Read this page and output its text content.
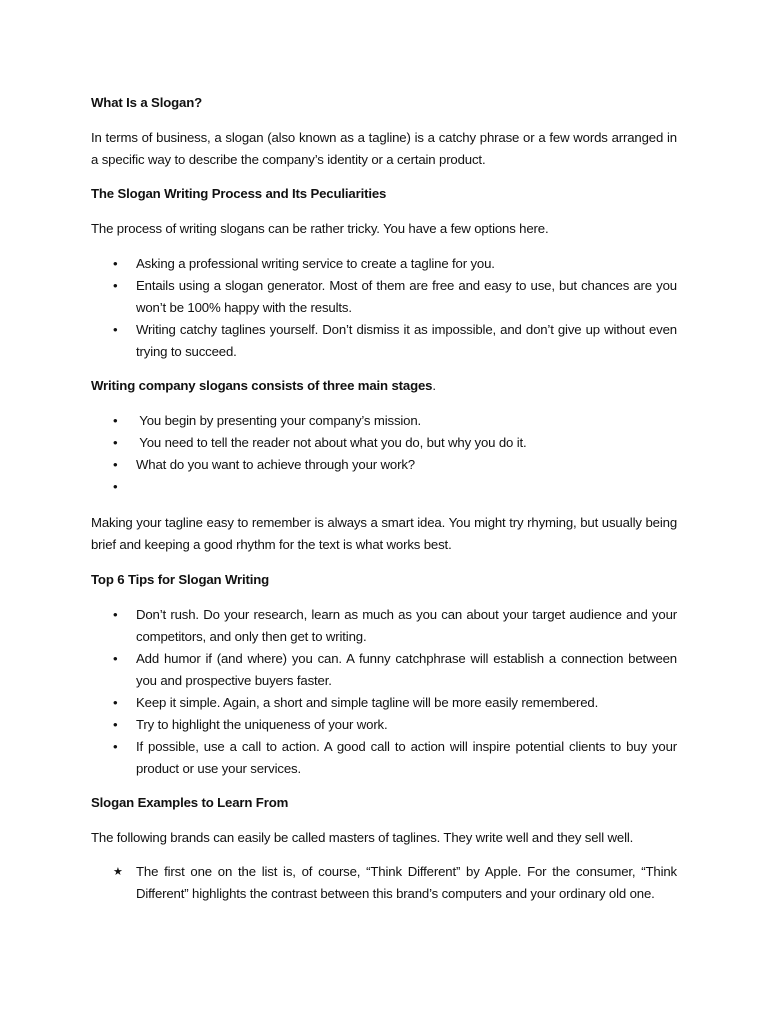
What Is a Slogan?

In terms of business, a slogan (also known as a tagline) is a catchy phrase or a few words arranged in a specific way to describe the company’s identity or a certain product.

The Slogan Writing Process and Its Peculiarities

The process of writing slogans can be rather tricky. You have a few options here.

•	Asking a professional writing service to create a tagline for you.
•	Entails using a slogan generator. Most of them are free and easy to use, but chances are you won’t be 100% happy with the results.
•	Writing catchy taglines yourself. Don’t dismiss it as impossible, and don’t give up without even trying to succeed.

Writing company slogans consists of three main stages.

•	You begin by presenting your company’s mission.
•	You need to tell the reader not about what you do, but why you do it.
•	What do you want to achieve through your work?
•

Making your tagline easy to remember is always a smart idea. You might try rhyming, but usually being brief and keeping a good rhythm for the text is what works best.

Top 6 Tips for Slogan Writing

•	Don’t rush. Do your research, learn as much as you can about your target audience and your competitors, and only then get to writing.
•	Add humor if (and where) you can. A funny catchphrase will establish a connection between you and prospective buyers faster.
•	Keep it simple. Again, a short and simple tagline will be more easily remembered.
•	Try to highlight the uniqueness of your work.
•	If possible, use a call to action. A good call to action will inspire potential clients to buy your product or use your services.

Slogan Examples to Learn From

The following brands can easily be called masters of taglines. They write well and they sell well.

★	The first one on the list is, of course, “Think Different” by Apple. For the consumer, “Think Different” highlights the contrast between this brand’s computers and your ordinary old one.
